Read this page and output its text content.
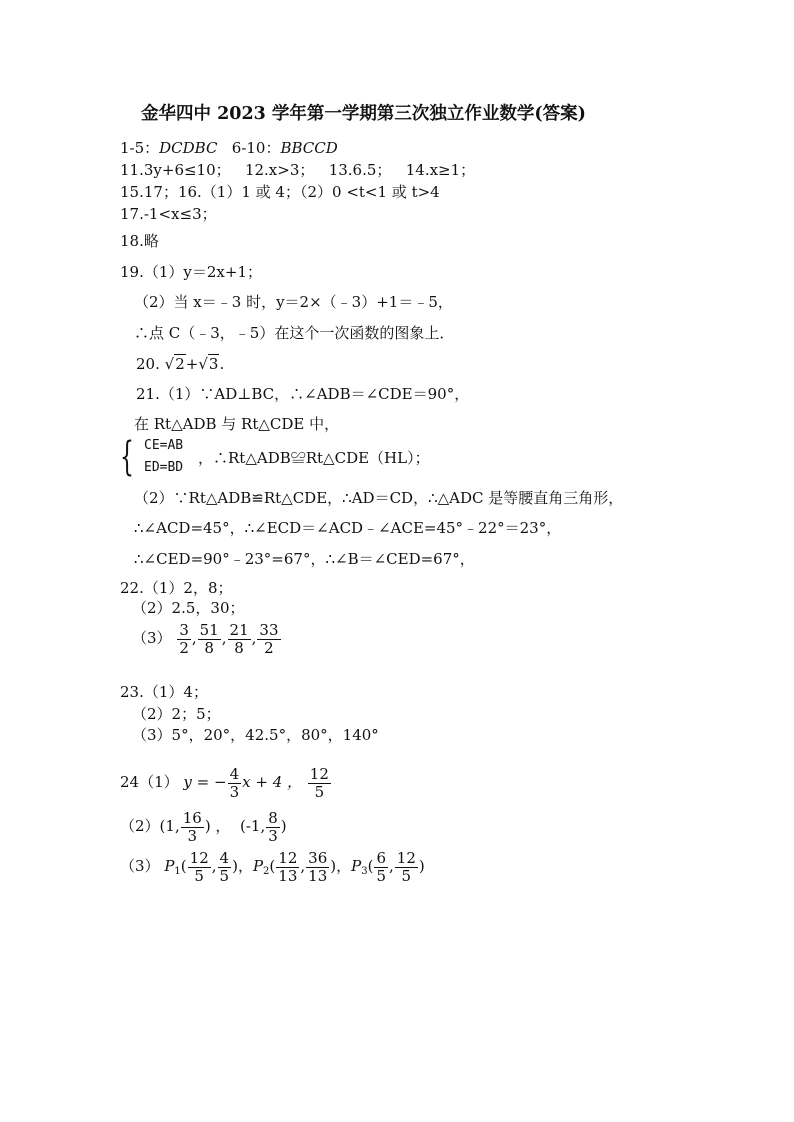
金华四中 2023 学年第一学期第三次独立作业数学(答案)
1-5：DCDBC 6-10：BBCCD
11.3y+6≤10； 12.x>3； 13.6.5； 14.x≥1；
15.17；16.（1）1 或 4；（2）0 <t<1 或 t>4
17.-1<x≤3；
18.略
19.（1）y＝2x+1；
（2）当 x＝﹣3 时，y＝2×（﹣3）+1＝﹣5，
∴点 C（﹣3，﹣5）在这个一次函数的图象上．
20. √2+√3.
21.（1）∵AD⊥BC，∴∠ADB＝∠CDE＝90°，
在 Rt△ADB 与 Rt△CDE 中，
{ CE=AB
ED=BD
，∴Rt△ADB≌Rt△CDE（HL）；
（2）∵Rt△ADB≌Rt△CDE，∴AD＝CD，∴△ADC 是等腰直角三角形，
∴∠ACD=45°，∴∠ECD＝∠ACD﹣∠ACE=45°﹣22°＝23°，
∴∠CED=90°﹣23°=67°，∴∠B＝∠CED=67°，
22.（1）2，8；
（2）2.5，30；
$(3) \frac{3}{2}$ , $\frac{51}{8}$ , $\frac{21}{8}$ , $\frac{33}{2}$
23.（1）4；
（2）2；5；
（3）5°，20°，42.5°，80°，140°
24（1） y = − $\frac{4}{3}$ x + 4 ， $\frac{12}{5}$
（2）(1, $\frac{16}{3}$ ) ， (-1, $\frac{8}{3}$ )
（3） $P_1( \frac{12}{5}$ , $\frac{4}{5}$ )，$P_2( \frac{12}{13}$ , $\frac{36}{13}$ )，$P_3( \frac{6}{5}$ , $\frac{12}{5}$ )
